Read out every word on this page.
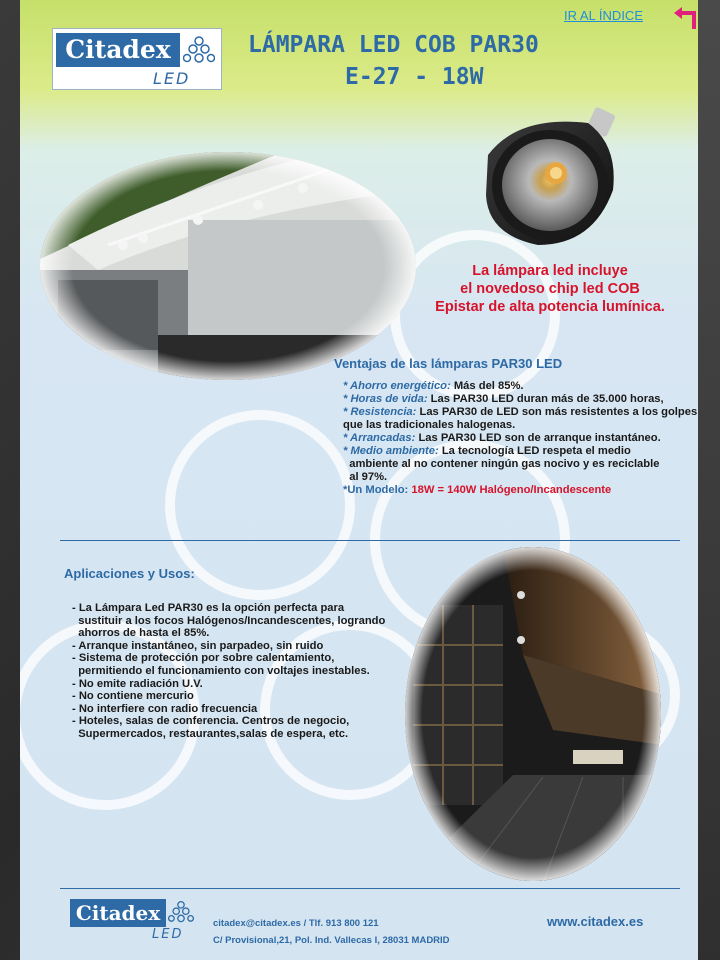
Citadex
LED
LÁMPARA LED COB PAR30
E-27 - 18W
IR AL ÍNDICE
La lámpara led incluye
el novedoso chip led COB
Epistar de alta potencia lumínica.
Ventajas de las lámparas PAR30 LED
* Ahorro energético: Más del 85%.
* Horas de vida: Las PAR30 LED duran más de 35.000 horas,
* Resistencia: Las PAR30 de LED son más resistentes a los golpes
que las tradicionales halogenas.
* Arrancadas: Las PAR30 LED son de arranque instantáneo.
* Medio ambiente: La tecnología LED respeta el medio
ambiente al no contener ningún gas nocivo y es reciclable
al 97%.
*Un Modelo: 18W = 140W Halógeno/Incandescente
Aplicaciones y Usos:
- La Lámpara Led PAR30 es la opción perfecta para
sustituir a los focos Halógenos/Incandescentes, logrando
ahorros de hasta el 85%.
- Arranque instantáneo, sin parpadeo, sin ruido
- Sistema de protección por sobre calentamiento,
permitiendo el funcionamiento con voltajes inestables.
- No emite radiación U.V.
- No contiene mercurio
- No interfiere con radio frecuencia
- Hoteles, salas de conferencia. Centros de negocio,
Supermercados, restaurantes,salas de espera, etc.
Citadex
LED
citadex@citadex.es / Tlf. 913 800 121
C/ Provisional,21, Pol. Ind. Vallecas I, 28031 MADRID
www.citadex.es
